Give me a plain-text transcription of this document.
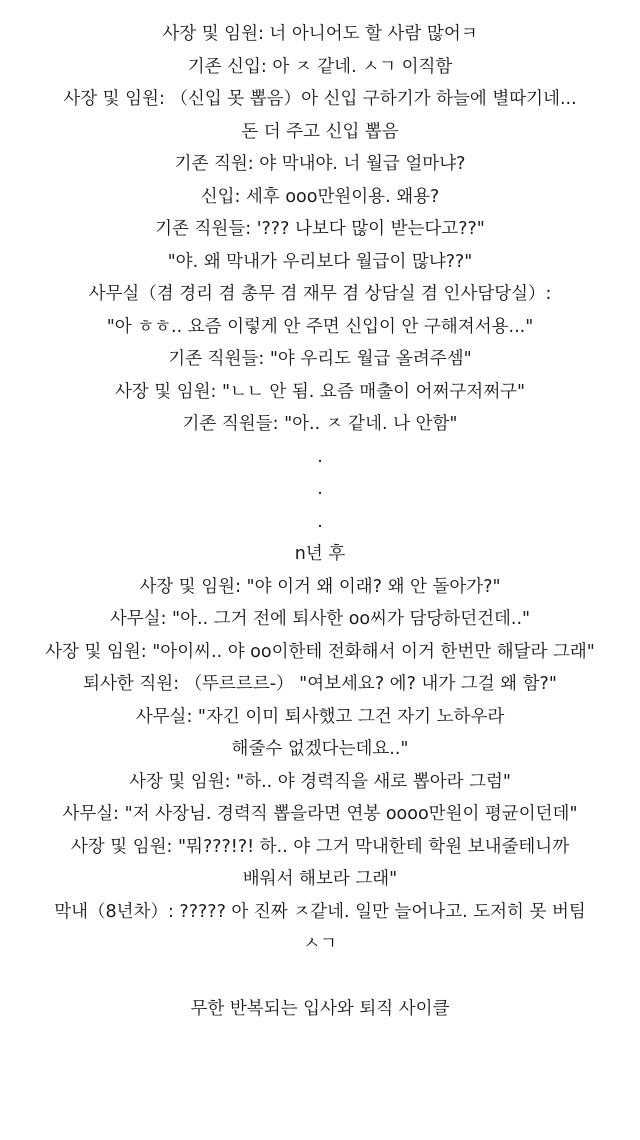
사장 및 임원: 너 아니어도 할 사람 많어ㅋ
기존 신입: 아 ㅈ 같네. ㅅㄱ 이직함
사장 및 임원: （신입 못 뽑음）아 신입 구하기가 하늘에 별따기네...
돈 더 주고 신입 뽑음
기존 직원: 야 막내야. 너 월급 얼마냐?
신입: 세후 ooo만원이용. 왜용?
기존 직원들: '??? 나보다 많이 받는다고??"
"야. 왜 막내가 우리보다 월급이 많냐??"
사무실（겸 경리 겸 총무 겸 재무 겸 상담실 겸 인사담당실）:
"아 ㅎㅎ.. 요즘 이렇게 안 주면 신입이 안 구해져서용..."
기존 직원들: "야 우리도 월급 올려주셈"
사장 및 임원: "ㄴㄴ 안 됨. 요즘 매출이 어쩌구저쩌구"
기존 직원들: "아.. ㅈ 같네. 나 안함"
.
.
.
n년 후
사장 및 임원: "야 이거 왜 이래? 왜 안 돌아가?"
사무실: "아.. 그거 전에 퇴사한 oo씨가 담당하던건데.."
사장 및 임원: "아이씨.. 야 oo이한테 전화해서 이거 한번만 해달라 그래"
퇴사한 직원: （뚜르르르-） "여보세요? 에? 내가 그걸 왜 함?"
사무실: "자긴 이미 퇴사했고 그건 자기 노하우라
해줄수 없겠다는데요.."
사장 및 임원: "하.. 야 경력직을 새로 뽑아라 그럼"
사무실: "저 사장님. 경력직 뽑을라면 연봉 oooo만원이 평균이던데"
사장 및 임원: "뭐???!?! 하.. 야 그거 막내한테 학원 보내줄테니까
배워서 해보라 그래"
막내（8년차）: ????? 아 진짜 ㅈ같네. 일만 늘어나고. 도저히 못 버팀
ㅅㄱ
무한 반복되는 입사와 퇴직 사이클
